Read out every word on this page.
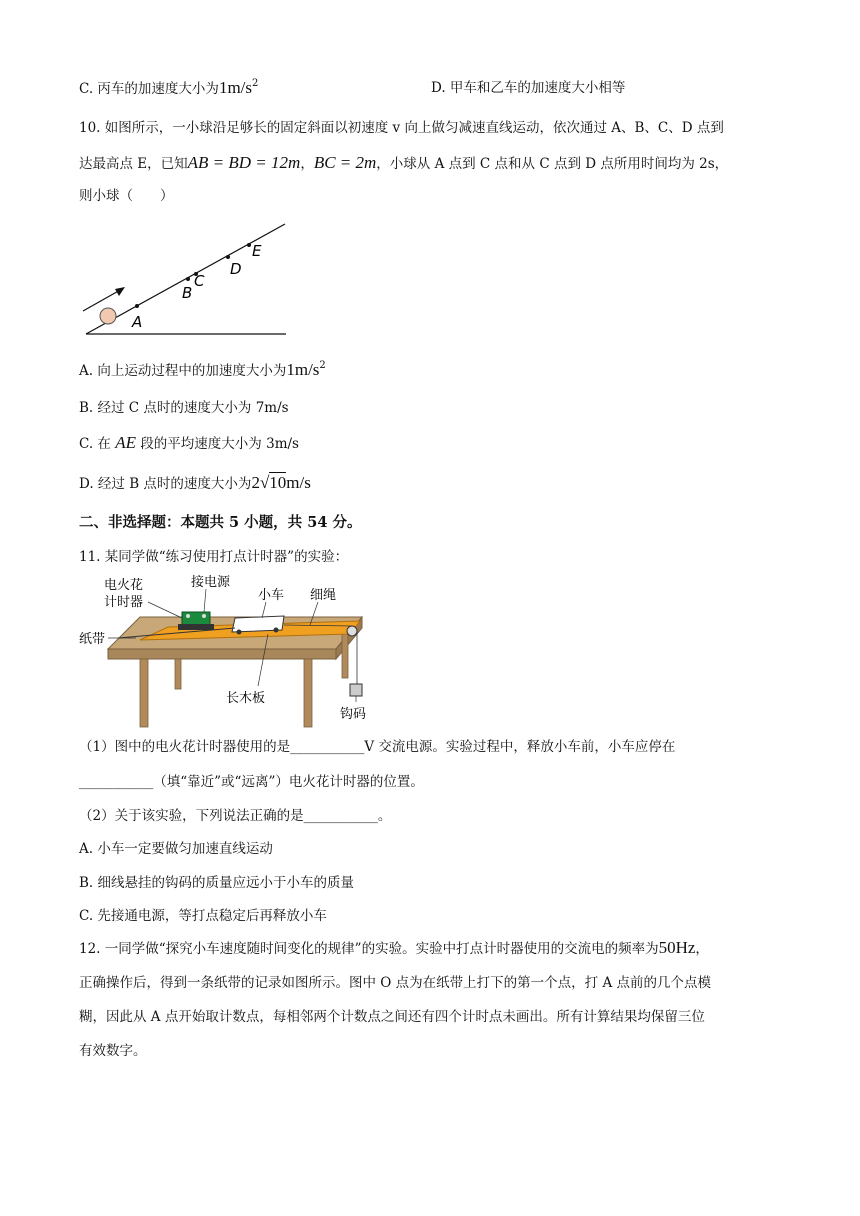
C. 丙车的加速度大小为$1m/s^2$	D. 甲车和乙车的加速度大小相等
10. 如图所示，一小球沿足够长的固定斜面以初速度 v 向上做匀减速直线运动，依次通过 A、B、C、D 点到
达最高点 E，已知AB = BD = 12m，BC = 2m，小球从 A 点到 C 点和从 C 点到 D 点所用时间均为 2s，
则小球（　　）
A
B
C
D
E
A. 向上运动过程中的加速度大小为$1m/s^2$
B. 经过 C 点时的速度大小为 7m/s
C. 在 AE 段的平均速度大小为 3m/s
D. 经过 B 点时的速度大小为2√10m/s
二、非选择题：本题共 5 小题，共 54 分。
11. 某同学做“练习使用打点计时器”的实验：
电火花
计时器
接电源
小车 细绳
纸带
长木板
钩码
（1）图中的电火花计时器使用的是___________V 交流电源。实验过程中，释放小车前，小车应停在
___________（填“靠近”或“远离”）电火花计时器的位置。
（2）关于该实验，下列说法正确的是___________。
A. 小车一定要做匀加速直线运动
B. 细线悬挂的钩码的质量应远小于小车的质量
C. 先接通电源，等打点稳定后再释放小车
12. 一同学做“探究小车速度随时间变化的规律”的实验。实验中打点计时器使用的交流电的频率为50Hz，
正确操作后，得到一条纸带的记录如图所示。图中 O 点为在纸带上打下的第一个点，打 A 点前的几个点模
糊，因此从 A 点开始取计数点，每相邻两个计数点之间还有四个计时点未画出。所有计算结果均保留三位
有效数字。
